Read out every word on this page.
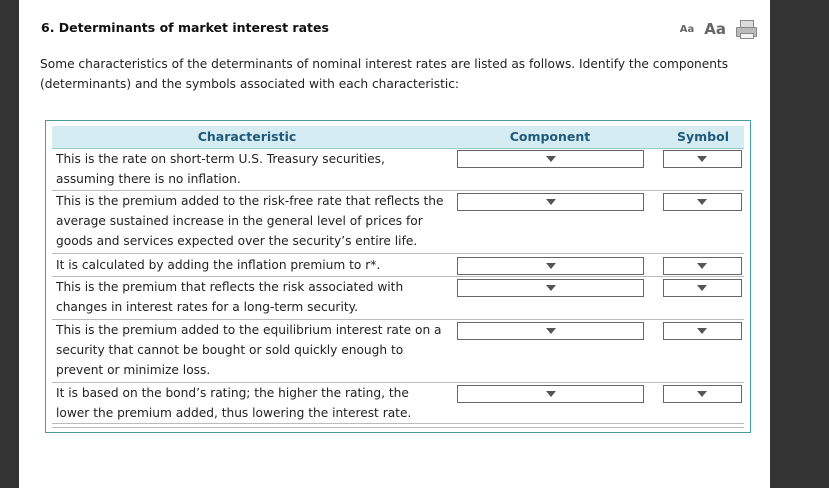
6. Determinants of market interest rates	Aa Aa
Some characteristics of the determinants of nominal interest rates are listed as follows. Identify the components (determinants) and the symbols associated with each characteristic:
Characteristic	Component	Symbol
This is the rate on short-term U.S. Treasury securities, assuming there is no inflation.
This is the premium added to the risk-free rate that reflects the average sustained increase in the general level of prices for goods and services expected over the security’s entire life.
It is calculated by adding the inflation premium to r*.
This is the premium that reflects the risk associated with changes in interest rates for a long-term security.
This is the premium added to the equilibrium interest rate on a security that cannot be bought or sold quickly enough to prevent or minimize loss.
It is based on the bond’s rating; the higher the rating, the lower the premium added, thus lowering the interest rate.
